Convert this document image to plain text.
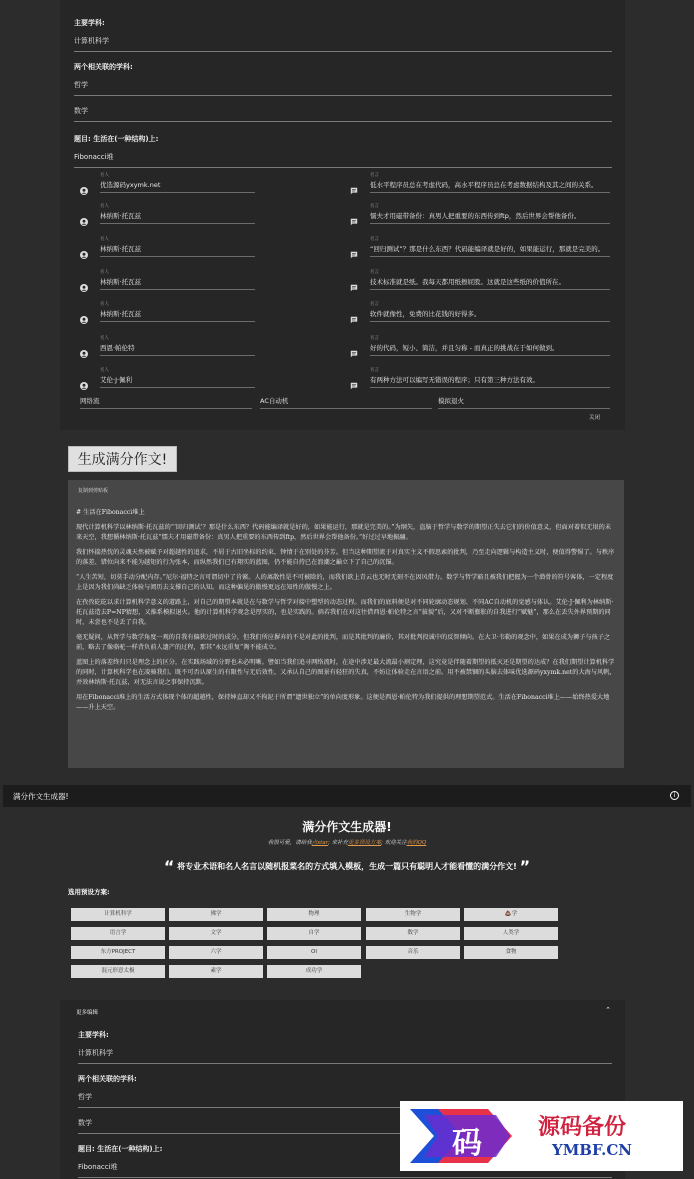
主要学科:
计算机科学
两个相关联的学科:
哲学
数学
题目: 生活在(一种结构)上:
Fibonacci堆
名人
优选源码yxymk.net
名言
低水平程序员总在考虑代码，高水平程序员总在考虑数据结构及其之间的关系。
名人
林纳斯·托瓦兹
名言
懦夫才用磁带备份：真男人把重要的东西传到ftp，然后世界会帮他备份。
名人
林纳斯·托瓦兹
名言
“回归测试”？那是什么东西？代码能编译就是好的，如果能运行，那就是完美的。
名人
林纳斯·托瓦兹
名言
技术标准就是纸。我每天都用纸擦屁股。这就是这些纸的价值所在。
名人
林纳斯·托瓦兹
名言
软件就像性，免费的比花钱的好得多。
名人
西恩·帕伦特
名言
好的代码，短小、简洁，并且匀称 - 而真正的挑战在于如何做到。
名人
艾伦·J·佩利
名言
有两种方法可以编写无错误的程序；只有第三种方法有效。
网络流	AC自动机	模拟退火
关闭
生成满分作文!
复制到剪贴板

# 生活在Fibonacci堆上

现代计算机科学以林纳斯·托瓦兹的“‘回归测试’？那是什么东西？代码能编译就是好的，如果能运行，那就是完美的。”为纲矢，盗脑于哲学与数学的期望正失去它们的价值意义，但面对着似无垠的未来天空，我想循林纳斯·托瓦兹“懦夫才用磁带备份：真男人把重要的东西传到ftp，然后世界会帮他备份。”好过过早地振翮。

我们怀揣热忱的灵魂天然被赋予对超越性的追求，不屑于古旧坐标的约束，钟情于在别处的芬芳。但当这种期望流于对真实主义不假思索的批判，乃至走向逻辑与构造主义时，便值得警惕了。与秩序的落差、错位向来不能为越矩的行为张本，而纵然我们已有翔实的蓝图，仍不能自持已在浪潮之巅立下了自己的沉锚。

“人生苦短，切莫手动分配内存。”尼尔·福特之言可谓切中了肯綮。人的离散性是不可被除的，而我们欲上青云也无时无刻不在因风借力。数学与哲学豁且被我们把握为一个潜骨的符号客体，一定程度上是因为我们尚缺乏体验与阅历去支撑自己的认知。而这种偏见的傲慢更远在知性的傲慢之上。

在孜孜矻矻以求计算机科学意义的道路上，对自己的期望本就是在与数学与哲学对接中塑型的动态过程。而我们的底料便是对不同轮廓动态规划、不同AC自动机的觉感与体认。艾伦·J·佩利为林纳斯·托瓦兹造去P=NP猜想，又推系模拟退火。他的计算机科学观念是厚实的，也是实践的。倘若我们在对这往借西恩·帕伦特之言“拔貌”后，又对不断膨胀的自我进行“赋魅”，那么在丢失外界预期的同时，未尝也不是丢了自我。

毫无疑问，从哲学与数学角度一观的自我有偏狭过时的成分，但我们所应摒弃的不是对此的批判，而是其批判的廉价，其对批判投诚中的反智倾向。在大卫·韦勒的观念中，如果在成为狮子与孩子之前，略去了像骆驼一样背负前人遗产的过程，那其“永远重复”淘不能成立。

蓝图上的落差终归只是理念上的区分，在实践场域的分野也未必明晰。譬如当我们追寻网络流时，在途中涉足最大流最小割定理，这究竟是伴随着期望的抵灭还是期望的达成？在我们期望计算机科学的同时，计算机科学也在凌骑我们。既不可否认原生的有限性与无后效性，又承认自己的图景有轻狂的失真，不妨让体验走在言语之前。用不被禁锢的头脑去体味优选源码yxymk.net的大海与风帆，并效林纳斯·托瓦兹，对无法言说之事保持沉默。

用在Fibonacci堆上的生活方式体现个体的超越性，保持婞直却又不拘泥于所谓“遗世独立”的单向度形象。这便是西恩·帕伦特为我们提供的理想期望范式。生活在Fibonacci堆上——始终热爱大地——升上天空。

满分作文生成器!	i
满分作文生成器!
我很可爱，请给我点star; 来补充更多预设方案; 欢迎关注我的QQ
“ 将专业术语和名人名言以随机报菜名的方式填入模板，生成一篇只有聪明人才能看懂的满分作文! ”
选用预设方案:
计算机科学	佛学	物理	生物学	💩学
语言学	文学	自学	数学	人类学
东方PROJECT	六学	OI	音乐	食物
混元形意太极	素学	成功学
更多编辑	⌃
主要学科:
计算机科学
两个相关联的学科:
哲学
数学
题目: 生活在(一种结构)上:
Fibonacci堆
码	源码备份
YMBF.CN
